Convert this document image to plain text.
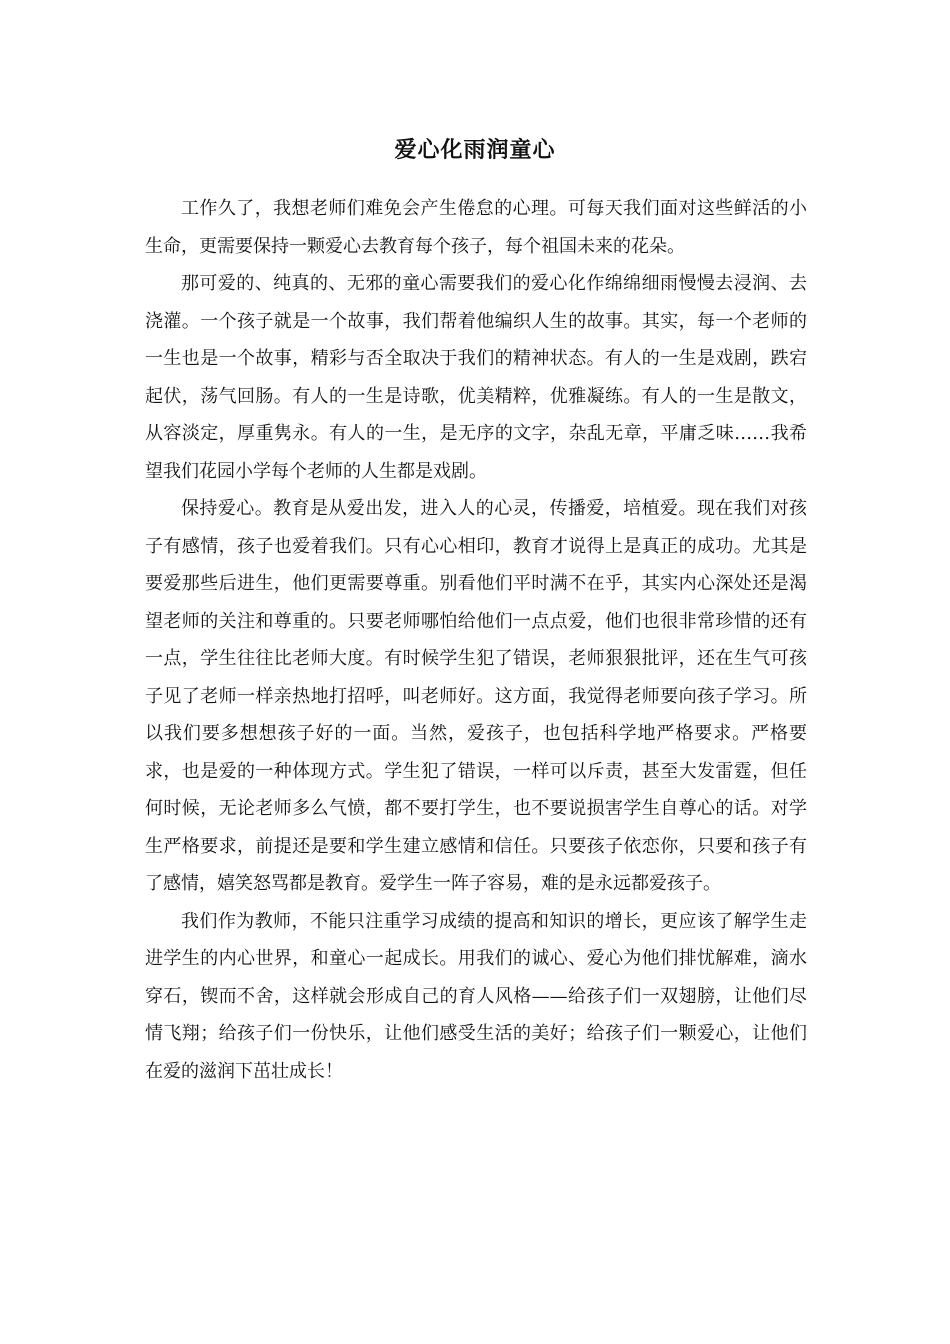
爱心化雨润童心

工作久了，我想老师们难免会产生倦怠的心理。可每天我们面对这些鲜活的小生命，更需要保持一颗爱心去教育每个孩子，每个祖国未来的花朵。

那可爱的、纯真的、无邪的童心需要我们的爱心化作绵绵细雨慢慢去浸润、去浇灌。一个孩子就是一个故事，我们帮着他编织人生的故事。其实，每一个老师的一生也是一个故事，精彩与否全取决于我们的精神状态。有人的一生是戏剧，跌宕起伏，荡气回肠。有人的一生是诗歌，优美精粹，优雅凝练。有人的一生是散文，从容淡定，厚重隽永。有人的一生，是无序的文字，杂乱无章，平庸乏味……我希望我们花园小学每个老师的人生都是戏剧。

保持爱心。教育是从爱出发，进入人的心灵，传播爱，培植爱。现在我们对孩子有感情，孩子也爱着我们。只有心心相印，教育才说得上是真正的成功。尤其是要爱那些后进生，他们更需要尊重。别看他们平时满不在乎，其实内心深处还是渴望老师的关注和尊重的。只要老师哪怕给他们一点点爱，他们也很非常珍惜的还有一点，学生往往比老师大度。有时候学生犯了错误，老师狠狠批评，还在生气可孩子见了老师一样亲热地打招呼，叫老师好。这方面，我觉得老师要向孩子学习。所以我们要多想想孩子好的一面。当然，爱孩子，也包括科学地严格要求。严格要求，也是爱的一种体现方式。学生犯了错误，一样可以斥责，甚至大发雷霆，但任何时候，无论老师多么气愤，都不要打学生，也不要说损害学生自尊心的话。对学生严格要求，前提还是要和学生建立感情和信任。只要孩子依恋你，只要和孩子有了感情，嬉笑怒骂都是教育。爱学生一阵子容易，难的是永远都爱孩子。

我们作为教师，不能只注重学习成绩的提高和知识的增长，更应该了解学生走进学生的内心世界，和童心一起成长。用我们的诚心、爱心为他们排忧解难，滴水穿石，锲而不舍，这样就会形成自己的育人风格——给孩子们一双翅膀，让他们尽情飞翔；给孩子们一份快乐，让他们感受生活的美好；给孩子们一颗爱心，让他们在爱的滋润下茁壮成长！
